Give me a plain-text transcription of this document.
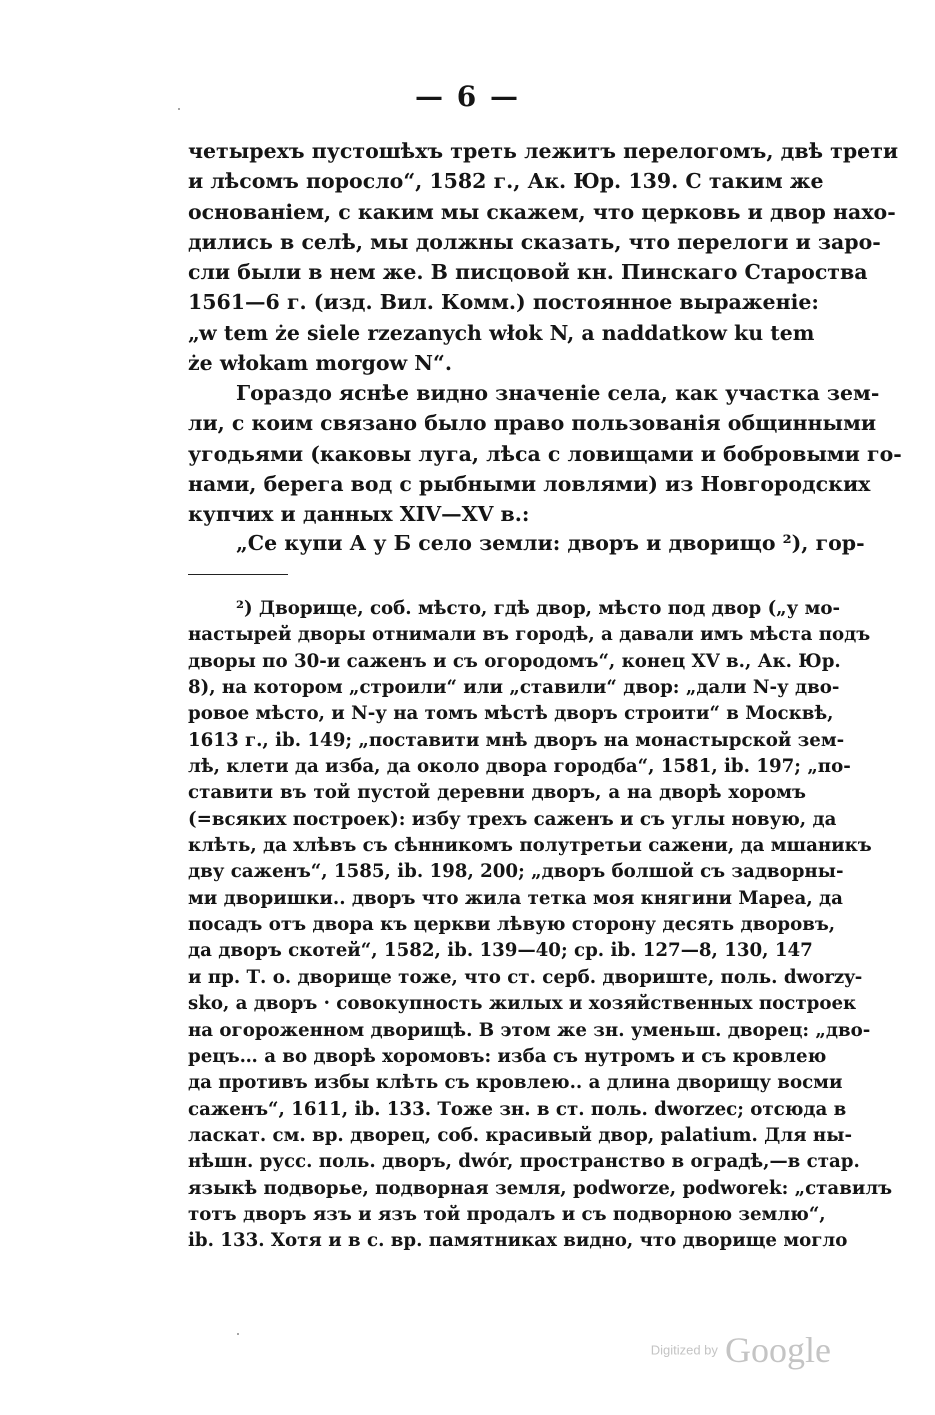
— 6 —
четырехъ пустошѣхъ треть лежитъ перелогомъ, двѣ трети
и лѣсомъ поросло“, 1582 г., Ак. Юр. 139. С таким же
основаніем, с каким мы скажем, что церковь и двор нахо-
дились в селѣ, мы должны сказать, что перелоги и заро-
сли были в нем же. В писцовой кн. Пинскаго Староства
1561—6 г. (изд. Вил. Комм.) постоянное выраженіе:
„w tem że siele rzezanych włok N, a naddatkow ku tem
że włokam morgow N“.
Гораздо яснѣе видно значеніе села, как участка зем-
ли, с коим связано было право пользованія общинными
угодьями (каковы луга, лѣса с ловищами и бобровыми го-
нами, берега вод с рыбными ловлями) из Новгородских
купчих и данных XIV—XV в.:
„Се купи А у Б село земли: дворъ и дворищо ²), гор-
²) Дворище, соб. мѣсто, гдѣ двор, мѣсто под двор („у мо-
настырей дворы отнимали въ городѣ, а давали имъ мѣста подъ
дворы по 30-и саженъ и съ огородомъ“, конец XV в., Ак. Юр.
8), на котором „строили“ или „ставили“ двор: „дали N-у дво-
ровое мѣсто, и N-у на томъ мѣстѣ дворъ строити“ в Москвѣ,
1613 г., ib. 149; „поставити мнѣ дворъ на монастырской зем-
лѣ, клети да изба, да около двора городба“, 1581, ib. 197; „по-
ставити въ той пустой деревни дворъ, а на дворѣ хоромъ
(=всяких построек): избу трехъ саженъ и съ углы новую, да
клѣть, да хлѣвъ съ сѣнникомъ полутретьи сажени, да мшаникъ
дву саженъ“, 1585, ib. 198, 200; „дворъ болшой съ задворны-
ми дворишки.. дворъ что жила тетка моя княгини Мареа, да
посадъ отъ двора къ церкви лѣвую сторону десять дворовъ,
да дворъ скотей“, 1582, ib. 139—40; ср. ib. 127—8, 130, 147
и пр. Т. о. дворище тоже, что ст. серб. двориште, поль. dworzy-
sko, а дворъ · совокупность жилых и хозяйственных построек
на огороженном дворищѣ. В этом же зн. уменьш. дворец: „дво-
рецъ… а во дворѣ хоромовъ: изба съ нутромъ и съ кровлею
да противъ избы клѣть съ кровлею.. а длина дворищу восми
саженъ“, 1611, ib. 133. Тоже зн. в ст. поль. dworzec; отсюда в
ласкат. см. вр. дворец, соб. красивый двор, palatium. Для ны-
нѣшн. русс. поль. дворъ, dwór, пространство в оградѣ,—в стар.
языкѣ подворье, подворная земля, podworze, podworek: „ставилъ
тотъ дворъ язъ и язъ той продалъ и съ подворною землю“,
ib. 133. Хотя и в с. вр. памятниках видно, что дворище могло
Digitized by Google
